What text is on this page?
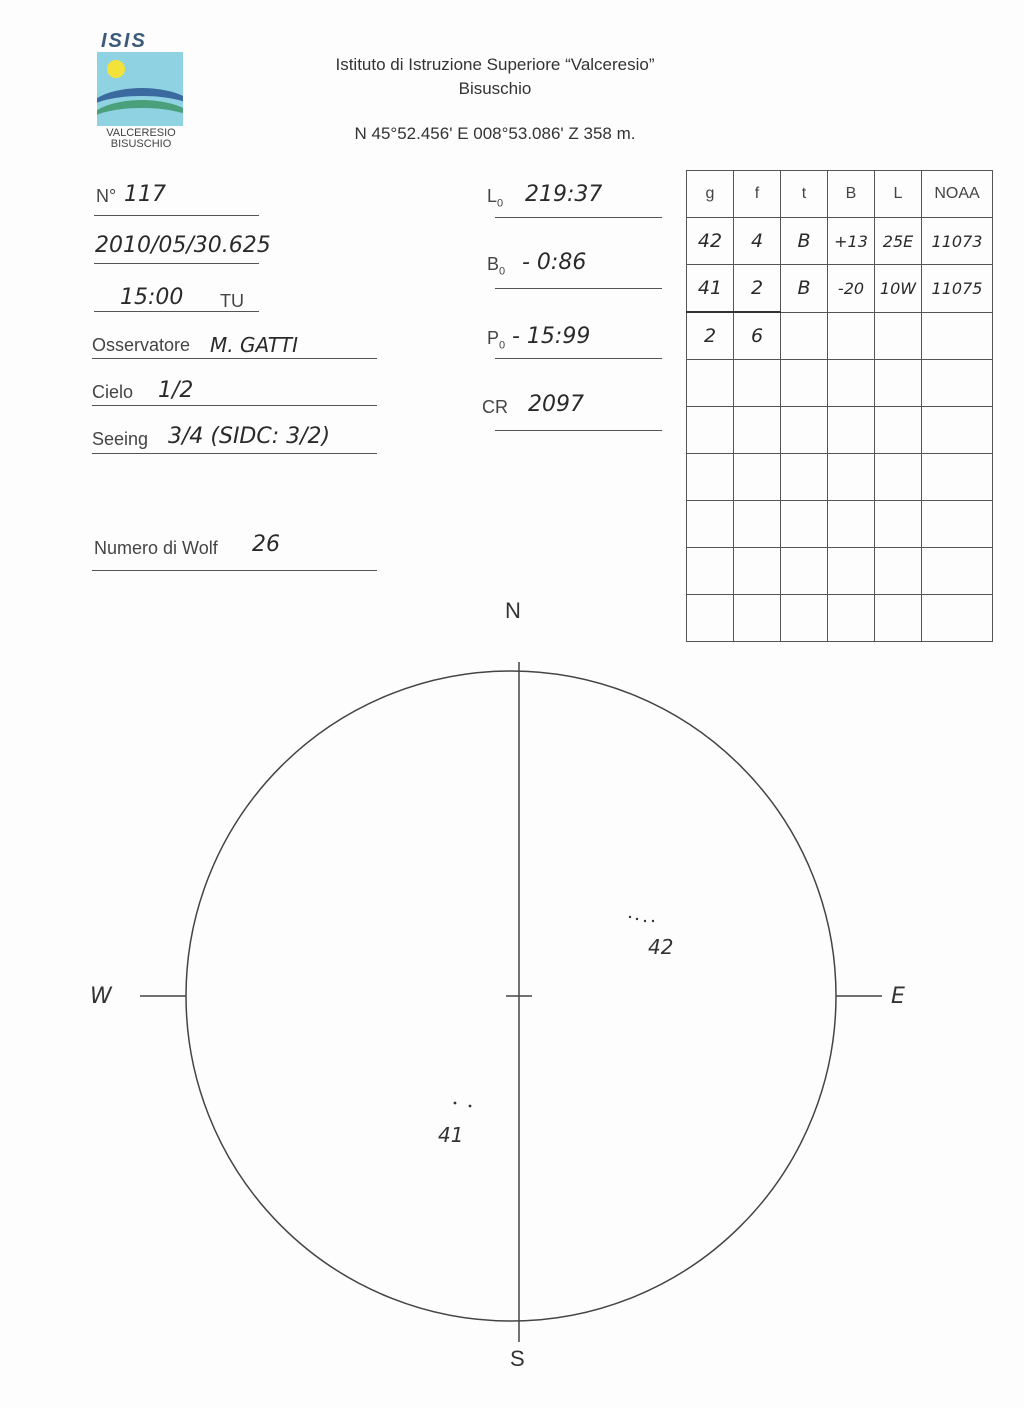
ISIS
VALCERESIO
BISUSCHIO
Istituto di Istruzione Superiore “Valceresio”
Bisuschio
N 45°52.456' E 008°53.086' Z 358 m.
N° 117
2010/05/30.625
15:00 TU
Osservatore M. GATTI
Cielo 1/2
Seeing 3/4 (SIDC: 3/2)
Numero di Wolf 26
$L_0$ 219:37
$B_0$ - 0:86
$P_0$ - 15:99
CR 2097
g	f	t	B	L	NOAA
42	4	B	+13	25E	11073
41	2	B	-20	10W	11075
2	6				

N
S
E
W
42
41
